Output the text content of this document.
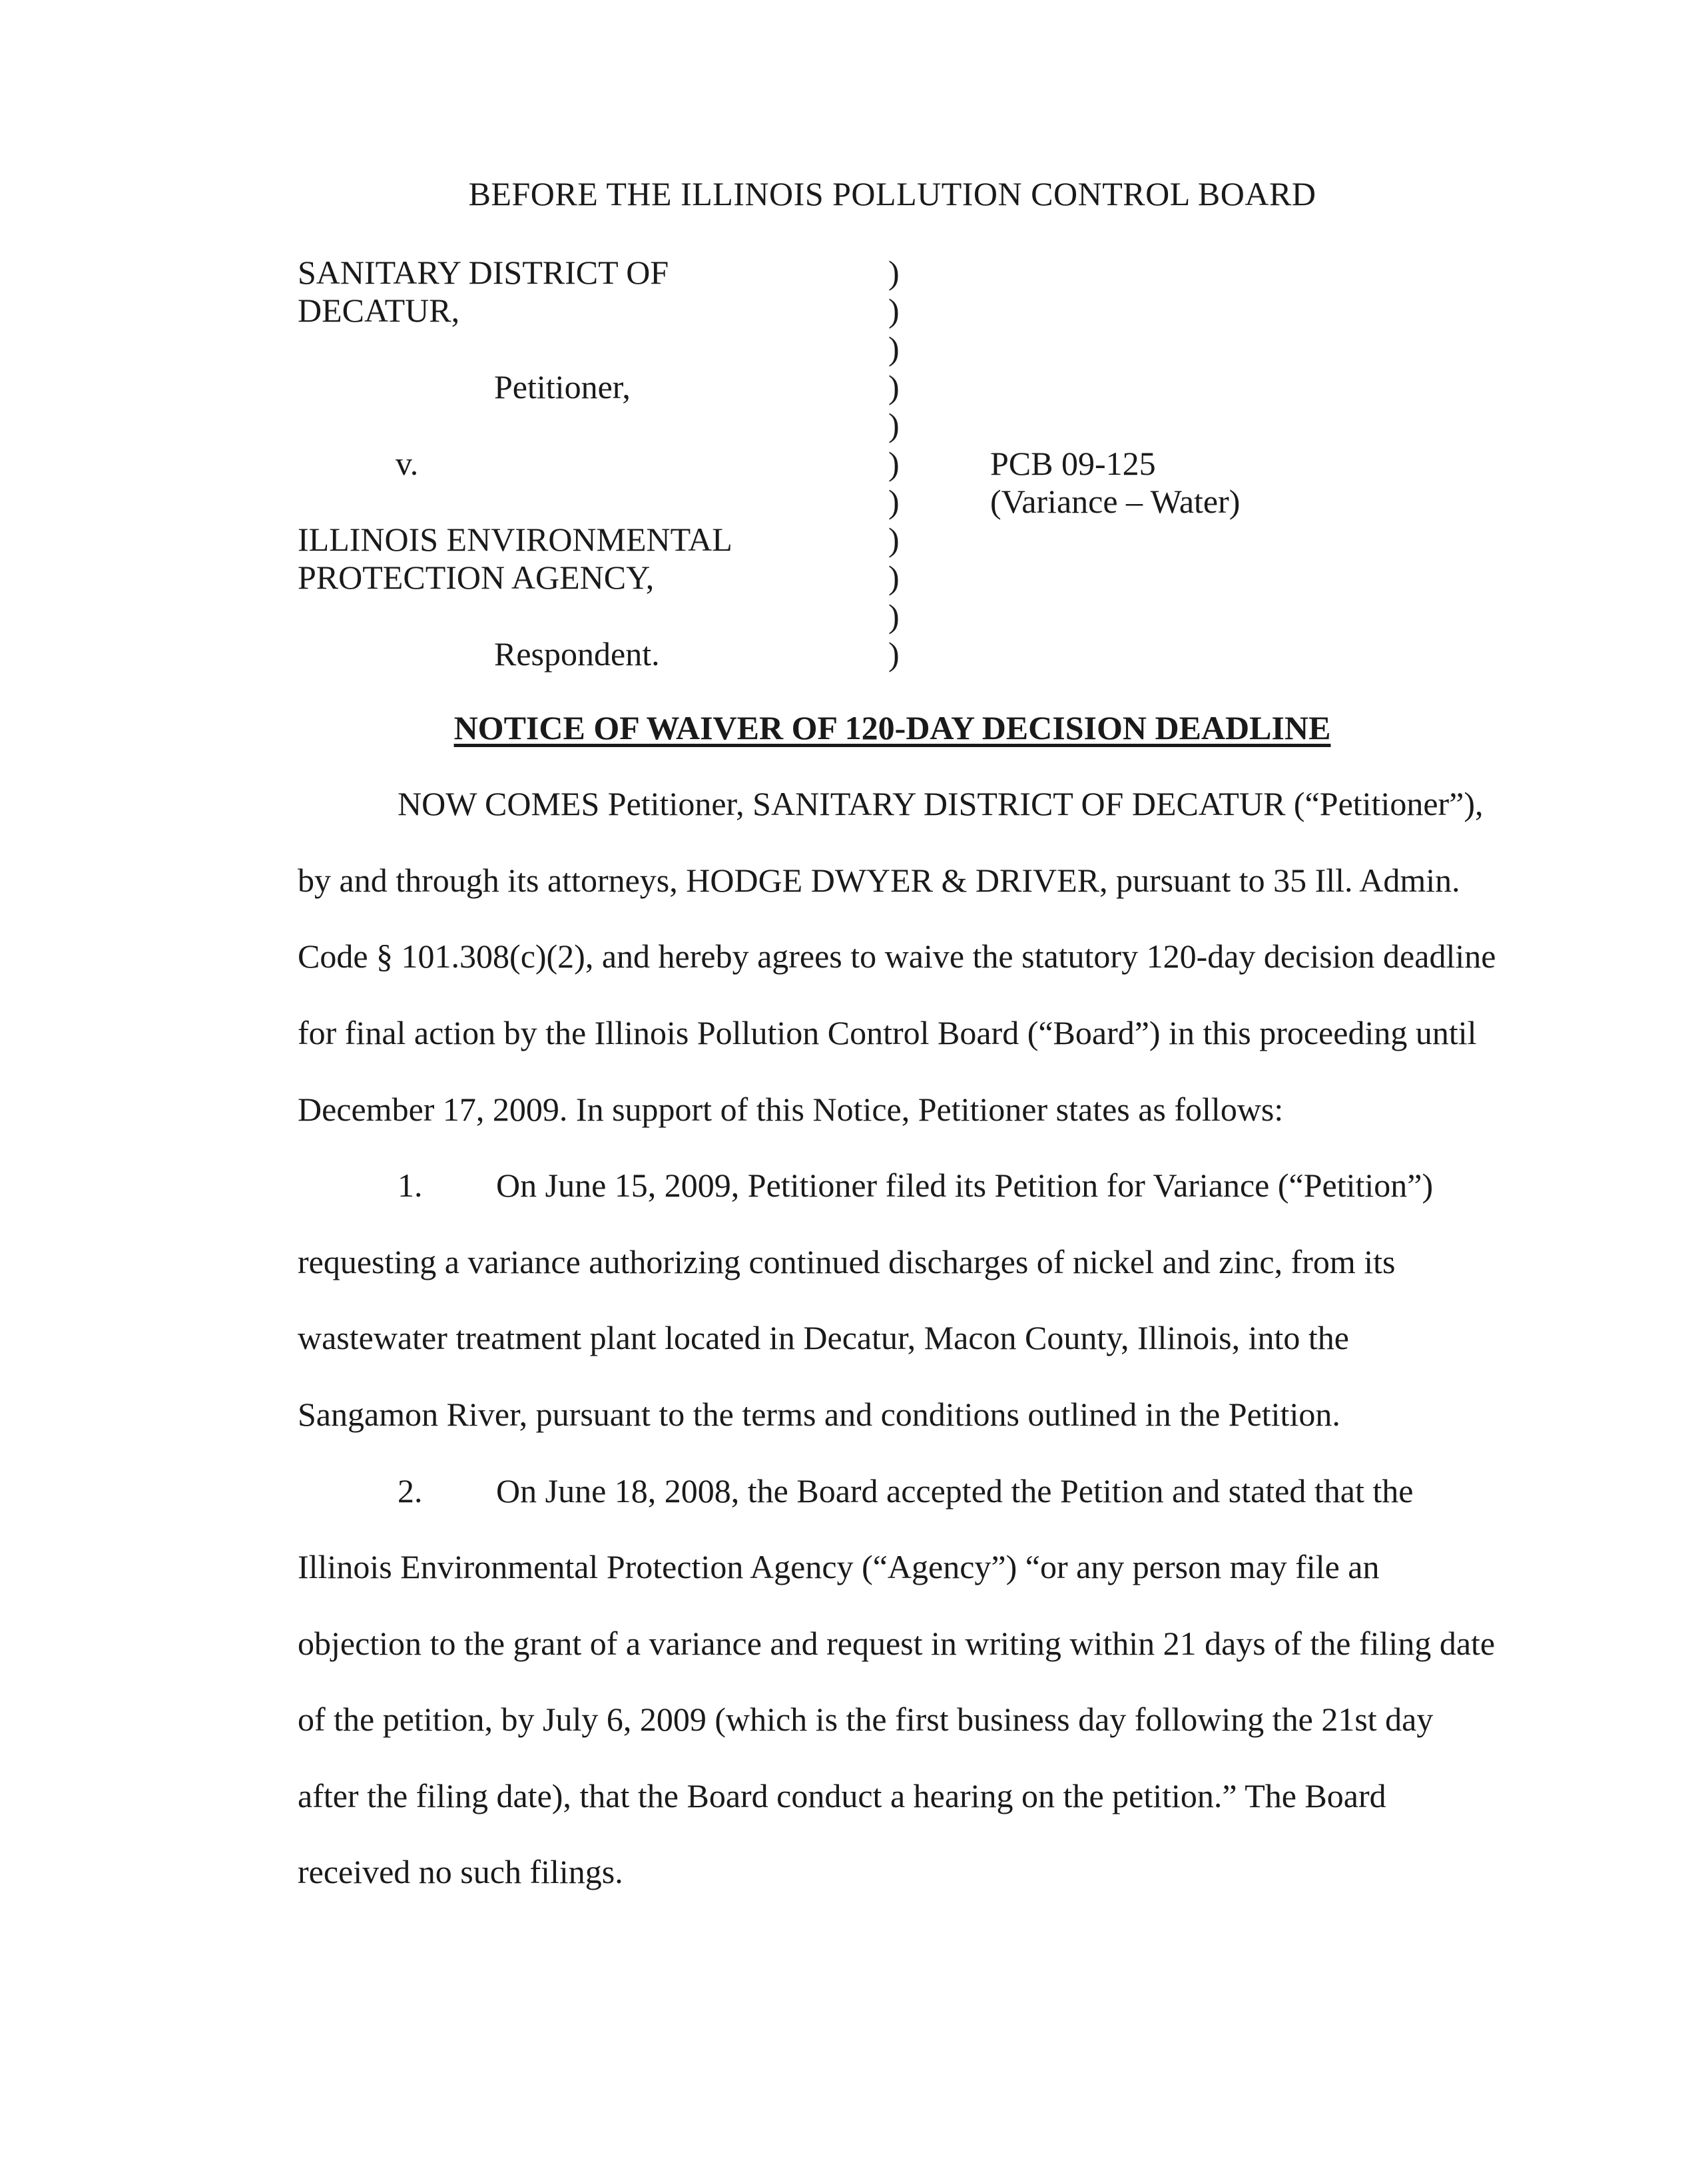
BEFORE THE ILLINOIS POLLUTION CONTROL BOARD
SANITARY DISTRICT OF
DECATUR,
Petitioner,
v.
ILLINOIS ENVIRONMENTAL
PROTECTION AGENCY,
Respondent.
)
)
)
)
)
)
)
)
)
)
)
PCB 09-125
(Variance – Water)
NOTICE OF WAIVER OF 120-DAY DECISION DEADLINE
NOW COMES Petitioner, SANITARY DISTRICT OF DECATUR (“Petitioner”),
by and through its attorneys, HODGE DWYER & DRIVER, pursuant to 35 Ill. Admin.
Code § 101.308(c)(2), and hereby agrees to waive the statutory 120-day decision deadline
for final action by the Illinois Pollution Control Board (“Board”) in this proceeding until
December 17, 2009. In support of this Notice, Petitioner states as follows:
1. On June 15, 2009, Petitioner filed its Petition for Variance (“Petition”)
requesting a variance authorizing continued discharges of nickel and zinc, from its
wastewater treatment plant located in Decatur, Macon County, Illinois, into the
Sangamon River, pursuant to the terms and conditions outlined in the Petition.
2. On June 18, 2008, the Board accepted the Petition and stated that the
Illinois Environmental Protection Agency (“Agency”) “or any person may file an
objection to the grant of a variance and request in writing within 21 days of the filing date
of the petition, by July 6, 2009 (which is the first business day following the 21st day
after the filing date), that the Board conduct a hearing on the petition.” The Board
received no such filings.
